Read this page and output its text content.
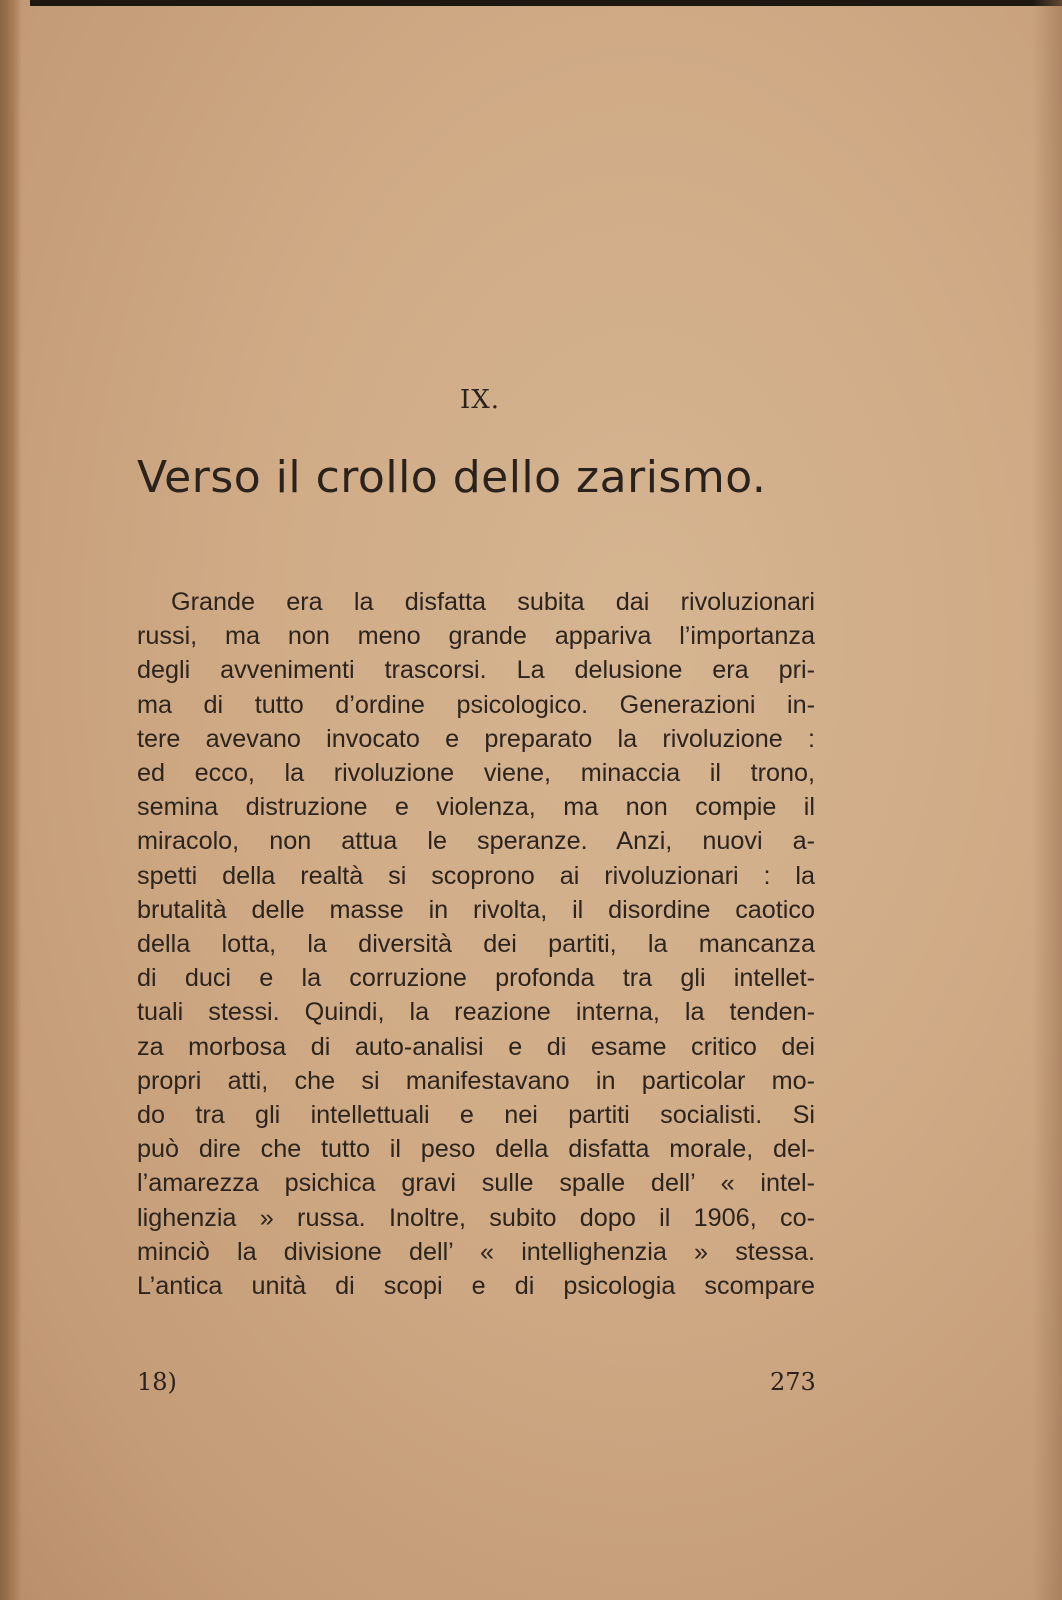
IX.
Verso il crollo dello zarismo.
Grande era la disfatta subita dai rivoluzionari
russi, ma non meno grande appariva l’importanza
degli avvenimenti trascorsi. La delusione era pri-
ma di tutto d’ordine psicologico. Generazioni in-
tere avevano invocato e preparato la rivoluzione :
ed ecco, la rivoluzione viene, minaccia il trono,
semina distruzione e violenza, ma non compie il
miracolo, non attua le speranze. Anzi, nuovi a-
spetti della realtà si scoprono ai rivoluzionari : la
brutalità delle masse in rivolta, il disordine caotico
della lotta, la diversità dei partiti, la mancanza
di duci e la corruzione profonda tra gli intellet-
tuali stessi. Quindi, la reazione interna, la tenden-
za morbosa di auto-analisi e di esame critico dei
propri atti, che si manifestavano in particolar mo-
do tra gli intellettuali e nei partiti socialisti. Si
può dire che tutto il peso della disfatta morale, del-
l’amarezza psichica gravi sulle spalle dell’ « intel-
lighenzia » russa. Inoltre, subito dopo il 1906, co-
minciò la divisione dell’ « intellighenzia » stessa.
L’antica unità di scopi e di psicologia scompare
18)	273
